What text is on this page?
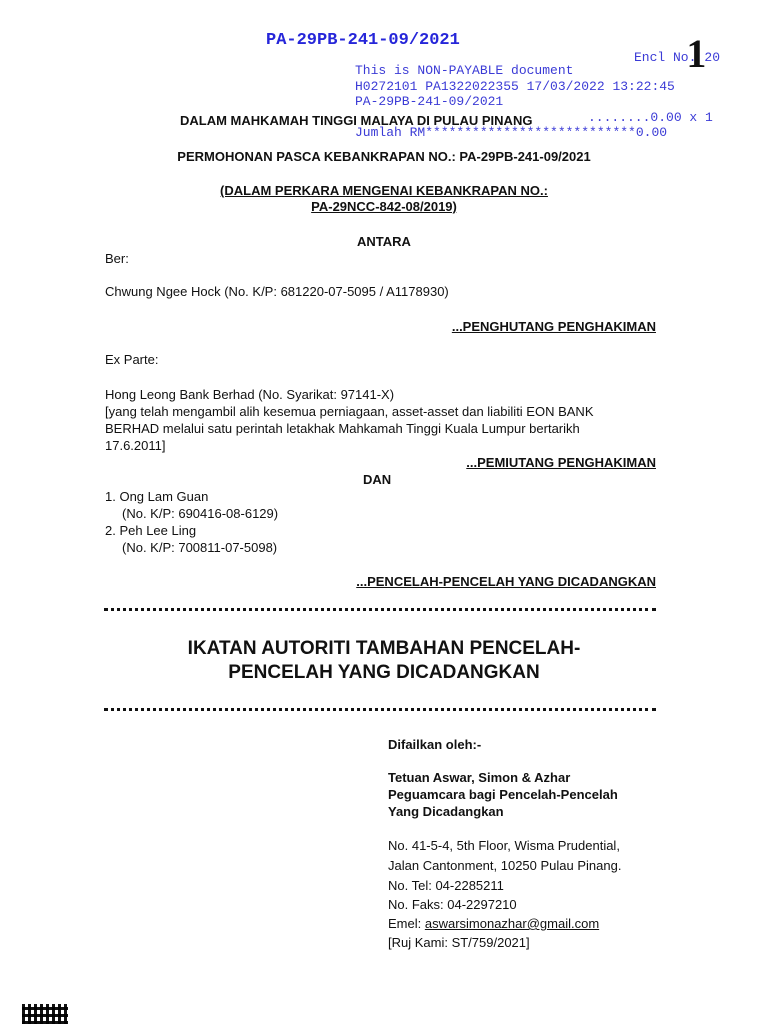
PA-29PB-241-09/2021
Encl No.120
This is NON-PAYABLE document
H0272101 PA1322022355 17/03/2022 13:22:45
PA-29PB-241-09/2021
........0.00 x 1
Jumlah RM***************************0.00
DALAM MAHKAMAH TINGGI MALAYA DI PULAU PINANG
PERMOHONAN PASCA KEBANKRAPAN NO.: PA-29PB-241-09/2021
(DALAM PERKARA MENGENAI KEBANKRAPAN NO.:
PA-29NCC-842-08/2019)
ANTARA
Ber:
Chwung Ngee Hock (No. K/P: 681220-07-5095 / A1178930)
...PENGHUTANG PENGHAKIMAN
Ex Parte:
Hong Leong Bank Berhad (No. Syarikat: 97141-X)
[yang telah mengambil alih kesemua perniagaan, asset-asset dan liabiliti EON BANK
BERHAD melalui satu perintah letakhak Mahkamah Tinggi Kuala Lumpur bertarikh
17.6.2011]
...PEMIUTANG PENGHAKIMAN
DAN
1. Ong Lam Guan
(No. K/P: 690416-08-6129)
2. Peh Lee Ling
(No. K/P: 700811-07-5098)
...PENCELAH-PENCELAH YANG DICADANGKAN
IKATAN AUTORITI TAMBAHAN PENCELAH-
PENCELAH YANG DICADANGKAN
Difailkan oleh:-
Tetuan Aswar, Simon & Azhar
Peguamcara bagi Pencelah-Pencelah
Yang Dicadangkan
No. 41-5-4, 5th Floor, Wisma Prudential,
Jalan Cantonment, 10250 Pulau Pinang.
No. Tel: 04-2285211
No. Faks: 04-2297210
Emel: aswarsimonazhar@gmail.com
[Ruj Kami: ST/759/2021]
